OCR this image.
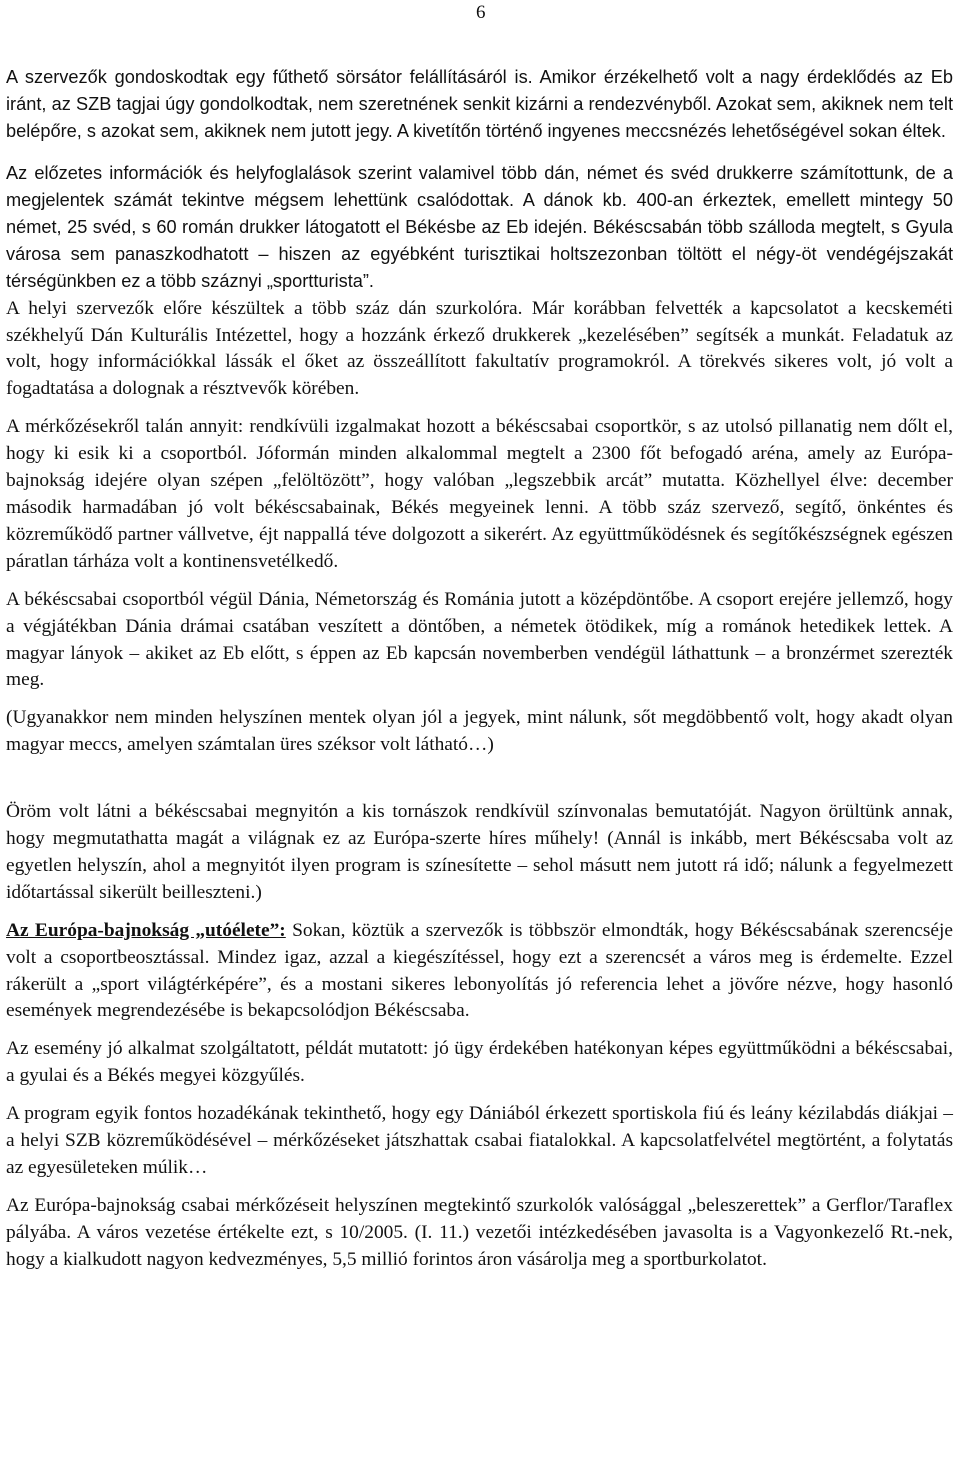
6

A szervezők gondoskodtak egy fűthető sörsátor felállításáról is. Amikor érzékelhető volt a nagy érdeklődés az Eb iránt, az SZB tagjai úgy gondolkodtak, nem szeretnének senkit kizárni a rendezvényből. Azokat sem, akiknek nem telt belépőre, s azokat sem, akiknek nem jutott jegy. A kivetítőn történő ingyenes meccsnézés lehetőségével sokan éltek.

Az előzetes információk és helyfoglalások szerint valamivel több dán, német és svéd drukkerre számítottunk, de a megjelentek számát tekintve mégsem lehettünk csalódottak. A dánok kb. 400-an érkeztek, emellett mintegy 50 német, 25 svéd, s 60 román drukker látogatott el Békésbe az Eb idején. Békéscsabán több szálloda megtelt, s Gyula városa sem panaszkodhatott – hiszen az egyébként turisztikai holtszezonban töltött el négy-öt vendégéjszakát térségünkben ez a több száznyi „sportturista”.

A helyi szervezők előre készültek a több száz dán szurkolóra. Már korábban felvették a kapcsolatot a kecskeméti székhelyű Dán Kulturális Intézettel, hogy a hozzánk érkező drukkerek „kezelésében” segítsék a munkát. Feladatuk az volt, hogy információkkal lássák el őket az összeállított fakultatív programokról. A törekvés sikeres volt, jó volt a fogadtatása a dolognak a résztvevők körében.

A mérkőzésekről talán annyit: rendkívüli izgalmakat hozott a békéscsabai csoportkör, s az utolsó pillanatig nem dőlt el, hogy ki esik ki a csoportból. Jóformán minden alkalommal megtelt a 2300 főt befogadó aréna, amely az Európa-bajnokság idejére olyan szépen „felöltözött”, hogy valóban „legszebbik arcát” mutatta. Közhellyel élve: december második harmadában jó volt békéscsabainak, Békés megyeinek lenni. A több száz szervező, segítő, önkéntes és közreműködő partner vállvetve, éjt nappallá téve dolgozott a sikerért. Az együttműködésnek és segítőkészségnek egészen páratlan tárháza volt a kontinensvetélkedő.

A békéscsabai csoportból végül Dánia, Németország és Románia jutott a középdöntőbe. A csoport erejére jellemző, hogy a végjátékban Dánia drámai csatában veszített a döntőben, a németek ötödikek, míg a románok hetedikek lettek. A magyar lányok – akiket az Eb előtt, s éppen az Eb kapcsán novemberben vendégül láthattunk – a bronzérmet szerezték meg.

(Ugyanakkor nem minden helyszínen mentek olyan jól a jegyek, mint nálunk, sőt megdöbbentő volt, hogy akadt olyan magyar meccs, amelyen számtalan üres széksor volt látható…)

Öröm volt látni a békéscsabai megnyitón a kis tornászok rendkívül színvonalas bemutatóját. Nagyon örültünk annak, hogy megmutathatta magát a világnak ez az Európa-szerte híres műhely! (Annál is inkább, mert Békéscsaba volt az egyetlen helyszín, ahol a megnyitót ilyen program is színesítette – sehol másutt nem jutott rá idő; nálunk a fegyelmezett időtartással sikerült beilleszteni.)

Az Európa-bajnokság „utóélete”: Sokan, köztük a szervezők is többször elmondták, hogy Békéscsabának szerencséje volt a csoportbeosztással. Mindez igaz, azzal a kiegészítéssel, hogy ezt a szerencsét a város meg is érdemelte. Ezzel rákerült a „sport világtérképére”, és a mostani sikeres lebonyolítás jó referencia lehet a jövőre nézve, hogy hasonló események megrendezésébe is bekapcsolódjon Békéscsaba.

Az esemény jó alkalmat szolgáltatott, példát mutatott: jó ügy érdekében hatékonyan képes együttműködni a békéscsabai, a gyulai és a Békés megyei közgyűlés.

A program egyik fontos hozadékának tekinthető, hogy egy Dániából érkezett sportiskola fiú és leány kézilabdás diákjai – a helyi SZB közreműködésével – mérkőzéseket játszhattak csabai fiatalokkal. A kapcsolatfelvétel megtörtént, a folytatás az egyesületeken múlik…

Az Európa-bajnokság csabai mérkőzéseit helyszínen megtekintő szurkolók valósággal „beleszerettek” a Gerflor/Taraflex pályába. A város vezetése értékelte ezt, s 10/2005. (I. 11.) vezetői intézkedésében javasolta is a Vagyonkezelő Rt.-nek, hogy a kialkudott nagyon kedvezményes, 5,5 millió forintos áron vásárolja meg a sportburkolatot.
